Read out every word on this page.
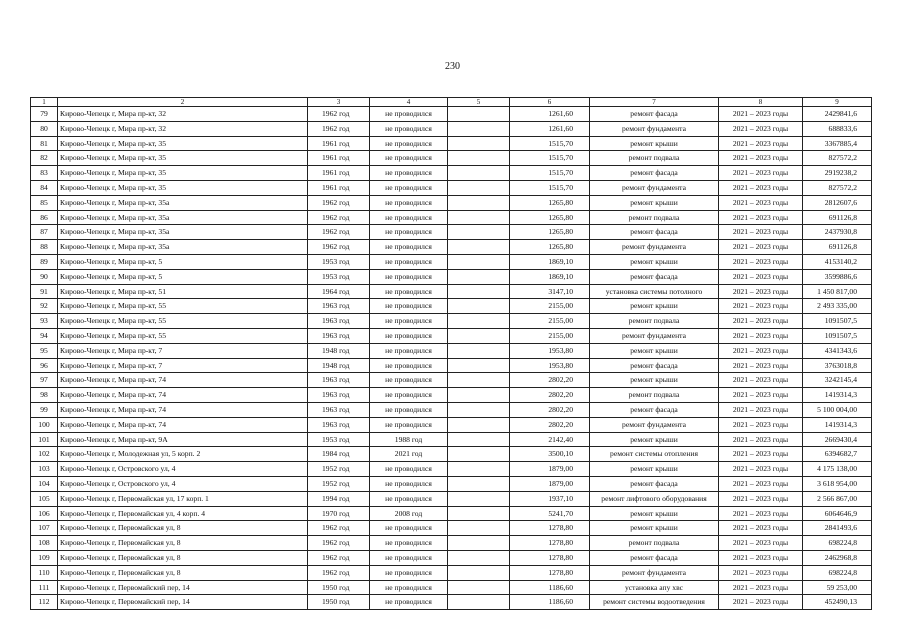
230
1	2	3	4	5	6	7	8	9
79	Кирово-Чепецк г, Мира пр-кт, 32	1962 год	не проводился		1261,60	ремонт фасада	2021 – 2023 годы	2429841,6
80	Кирово-Чепецк г, Мира пр-кт, 32	1962 год	не проводился		1261,60	ремонт фундамента	2021 – 2023 годы	688833,6
81	Кирово-Чепецк г, Мира пр-кт, 35	1961 год	не проводился		1515,70	ремонт крыши	2021 – 2023 годы	3367885,4
82	Кирово-Чепецк г, Мира пр-кт, 35	1961 год	не проводился		1515,70	ремонт подвала	2021 – 2023 годы	827572,2
83	Кирово-Чепецк г, Мира пр-кт, 35	1961 год	не проводился		1515,70	ремонт фасада	2021 – 2023 годы	2919238,2
84	Кирово-Чепецк г, Мира пр-кт, 35	1961 год	не проводился		1515,70	ремонт фундамента	2021 – 2023 годы	827572,2
85	Кирово-Чепецк г, Мира пр-кт, 35а	1962 год	не проводился		1265,80	ремонт крыши	2021 – 2023 годы	2812607,6
86	Кирово-Чепецк г, Мира пр-кт, 35а	1962 год	не проводился		1265,80	ремонт подвала	2021 – 2023 годы	691126,8
87	Кирово-Чепецк г, Мира пр-кт, 35а	1962 год	не проводился		1265,80	ремонт фасада	2021 – 2023 годы	2437930,8
88	Кирово-Чепецк г, Мира пр-кт, 35а	1962 год	не проводился		1265,80	ремонт фундамента	2021 – 2023 годы	691126,8
89	Кирово-Чепецк г, Мира пр-кт, 5	1953 год	не проводился		1869,10	ремонт крыши	2021 – 2023 годы	4153140,2
90	Кирово-Чепецк г, Мира пр-кт, 5	1953 год	не проводился		1869,10	ремонт фасада	2021 – 2023 годы	3599886,6
91	Кирово-Чепецк г, Мира пр-кт, 51	1964 год	не проводился		3147,10	установка системы потолного	2021 – 2023 годы	1 450 817,00
92	Кирово-Чепецк г, Мира пр-кт, 55	1963 год	не проводился		2155,00	ремонт крыши	2021 – 2023 годы	2 493 335,00
93	Кирово-Чепецк г, Мира пр-кт, 55	1963 год	не проводился		2155,00	ремонт подвала	2021 – 2023 годы	1091507,5
94	Кирово-Чепецк г, Мира пр-кт, 55	1963 год	не проводился		2155,00	ремонт фундамента	2021 – 2023 годы	1091507,5
95	Кирово-Чепецк г, Мира пр-кт, 7	1948 год	не проводился		1953,80	ремонт крыши	2021 – 2023 годы	4341343,6
96	Кирово-Чепецк г, Мира пр-кт, 7	1948 год	не проводился		1953,80	ремонт фасада	2021 – 2023 годы	3763018,8
97	Кирово-Чепецк г, Мира пр-кт, 74	1963 год	не проводился		2802,20	ремонт крыши	2021 – 2023 годы	3242145,4
98	Кирово-Чепецк г, Мира пр-кт, 74	1963 год	не проводился		2802,20	ремонт подвала	2021 – 2023 годы	1419314,3
99	Кирово-Чепецк г, Мира пр-кт, 74	1963 год	не проводился		2802,20	ремонт фасада	2021 – 2023 годы	5 100 004,00
100	Кирово-Чепецк г, Мира пр-кт, 74	1963 год	не проводился		2802,20	ремонт фундамента	2021 – 2023 годы	1419314,3
101	Кирово-Чепецк г, Мира пр-кт, 9А	1953 год	1988 год		2142,40	ремонт крыши	2021 – 2023 годы	2669430,4
102	Кирово-Чепецк г, Молодежная ул, 5 корп. 2	1984 год	2021 год		3500,10	ремонт системы отопления	2021 – 2023 годы	6394682,7
103	Кирово-Чепецк г, Островского ул, 4	1952 год	не проводился		1879,00	ремонт крыши	2021 – 2023 годы	4 175 138,00
104	Кирово-Чепецк г, Островского ул, 4	1952 год	не проводился		1879,00	ремонт фасада	2021 – 2023 годы	3 618 954,00
105	Кирово-Чепецк г, Первомайская ул, 17 корп. 1	1994 год	не проводился		1937,10	ремонт лифтового оборудования	2021 – 2023 годы	2 566 867,00
106	Кирово-Чепецк г, Первомайская ул, 4 корп. 4	1970 год	2008 год		5241,70	ремонт крыши	2021 – 2023 годы	6064646,9
107	Кирово-Чепецк г, Первомайская ул, 8	1962 год	не проводился		1278,80	ремонт крыши	2021 – 2023 годы	2841493,6
108	Кирово-Чепецк г, Первомайская ул, 8	1962 год	не проводился		1278,80	ремонт подвала	2021 – 2023 годы	698224,8
109	Кирово-Чепецк г, Первомайская ул, 8	1962 год	не проводился		1278,80	ремонт фасада	2021 – 2023 годы	2462968,8
110	Кирово-Чепецк г, Первомайская ул, 8	1962 год	не проводился		1278,80	ремонт фундамента	2021 – 2023 годы	698224,8
111	Кирово-Чепецк г, Первомайский пер, 14	1950 год	не проводился		1186,60	установка апу хвс	2021 – 2023 годы	59 253,00
112	Кирово-Чепецк г, Первомайский пер, 14	1950 год	не проводился		1186,60	ремонт системы водоотведения	2021 – 2023 годы	452490,13
